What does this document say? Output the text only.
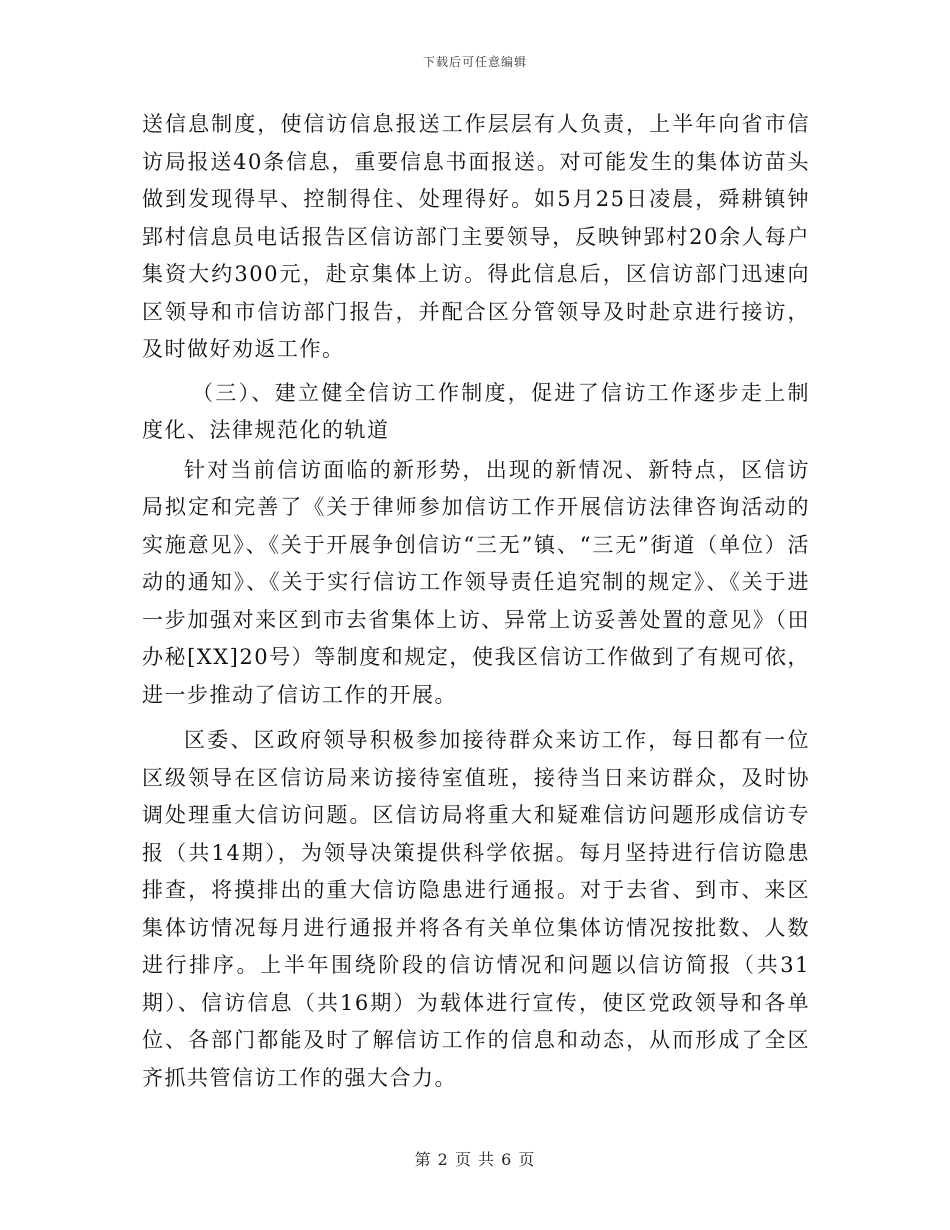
下载后可任意编辑

送信息制度，使信访信息报送工作层层有人负责，上半年向省市信访局报送40条信息，重要信息书面报送。对可能发生的集体访苗头做到发现得早、控制得住、处理得好。如5月25日凌晨，舜耕镇钟郢村信息员电话报告区信访部门主要领导，反映钟郢村20余人每户集资大约300元，赴京集体上访。得此信息后，区信访部门迅速向区领导和市信访部门报告，并配合区分管领导及时赴京进行接访，及时做好劝返工作。

（三）、建立健全信访工作制度，促进了信访工作逐步走上制度化、法律规范化的轨道

针对当前信访面临的新形势，出现的新情况、新特点，区信访局拟定和完善了《关于律师参加信访工作开展信访法律咨询活动的实施意见》、《关于开展争创信访“三无”镇、“三无”街道（单位）活动的通知》、《关于实行信访工作领导责任追究制的规定》、《关于进一步加强对来区到市去省集体上访、异常上访妥善处置的意见》（田办秘[XX]20号）等制度和规定，使我区信访工作做到了有规可依，进一步推动了信访工作的开展。

区委、区政府领导积极参加接待群众来访工作，每日都有一位区级领导在区信访局来访接待室值班，接待当日来访群众，及时协调处理重大信访问题。区信访局将重大和疑难信访问题形成信访专报（共14期），为领导决策提供科学依据。每月坚持进行信访隐患排查，将摸排出的重大信访隐患进行通报。对于去省、到市、来区集体访情况每月进行通报并将各有关单位集体访情况按批数、人数进行排序。上半年围绕阶段的信访情况和问题以信访简报（共31期）、信访信息（共16期）为载体进行宣传，使区党政领导和各单位、各部门都能及时了解信访工作的信息和动态，从而形成了全区齐抓共管信访工作的强大合力。

第 2 页 共 6 页
